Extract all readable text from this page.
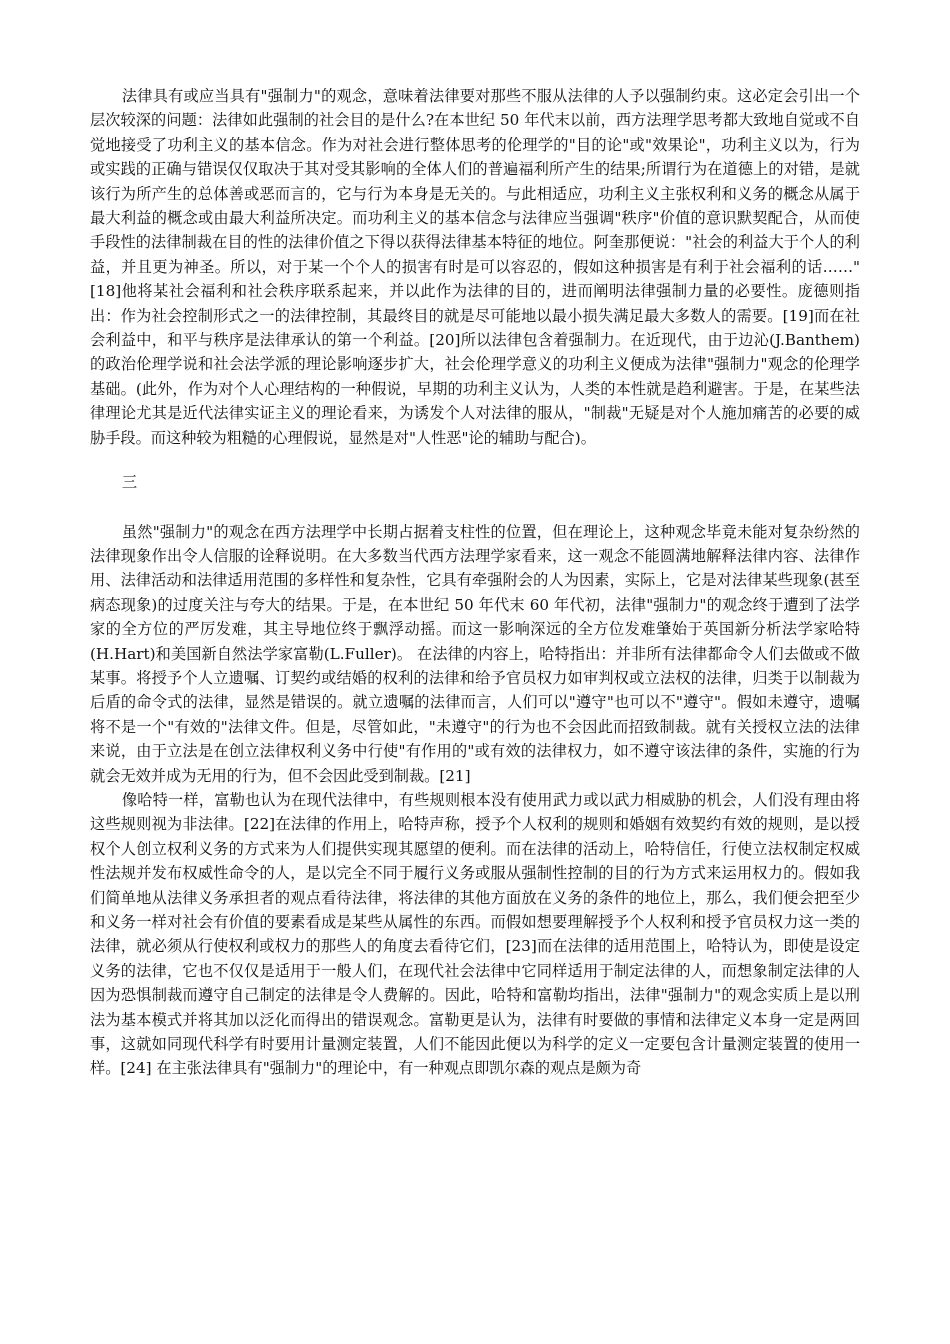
法律具有或应当具有"强制力"的观念，意味着法律要对那些不服从法律的人予以强制约束。这必定会引出一个层次较深的问题：法律如此强制的社会目的是什么?在本世纪 50 年代末以前，西方法理学思考都大致地自觉或不自觉地接受了功利主义的基本信念。作为对社会进行整体思考的伦理学的"目的论"或"效果论"，功利主义以为，行为或实践的正确与错误仅仅取决于其对受其影响的全体人们的普遍福利所产生的结果;所谓行为在道德上的对错，是就该行为所产生的总体善或恶而言的，它与行为本身是无关的。与此相适应，功利主义主张权利和义务的概念从属于最大利益的概念或由最大利益所决定。而功利主义的基本信念与法律应当强调"秩序"价值的意识默契配合，从而使手段性的法律制裁在目的性的法律价值之下得以获得法律基本特征的地位。阿奎那便说："社会的利益大于个人的利益，并且更为神圣。所以，对于某一个个人的损害有时是可以容忍的，假如这种损害是有利于社会福利的话……"[18]他将某社会福利和社会秩序联系起来，并以此作为法律的目的，进而阐明法律强制力量的必要性。庞德则指出：作为社会控制形式之一的法律控制，其最终目的就是尽可能地以最小损失满足最大多数人的需要。[19]而在社会利益中，和平与秩序是法律承认的第一个利益。[20]所以法律包含着强制力。在近现代，由于边沁(J.Banthem)的政治伦理学说和社会法学派的理论影响逐步扩大，社会伦理学意义的功利主义便成为法律"强制力"观念的伦理学基础。(此外，作为对个人心理结构的一种假说，早期的功利主义认为，人类的本性就是趋利避害。于是，在某些法律理论尤其是近代法律实证主义的理论看来，为诱发个人对法律的服从，"制裁"无疑是对个人施加痛苦的必要的威胁手段。而这种较为粗糙的心理假说，显然是对"人性恶"论的辅助与配合)。

三

虽然"强制力"的观念在西方法理学中长期占据着支柱性的位置，但在理论上，这种观念毕竟未能对复杂纷然的法律现象作出令人信服的诠释说明。在大多数当代西方法理学家看来，这一观念不能圆满地解释法律内容、法律作用、法律活动和法律适用范围的多样性和复杂性，它具有牵强附会的人为因素，实际上，它是对法律某些现象(甚至病态现象)的过度关注与夸大的结果。于是，在本世纪 50 年代末 60 年代初，法律"强制力"的观念终于遭到了法学家的全方位的严厉发难，其主导地位终于飘浮动摇。而这一影响深远的全方位发难肇始于英国新分析法学家哈特(H.Hart)和美国新自然法学家富勒(L.Fuller)。 在法律的内容上，哈特指出：并非所有法律都命令人们去做或不做某事。将授予个人立遗嘱、订契约或结婚的权利的法律和给予官员权力如审判权或立法权的法律，归类于以制裁为后盾的命令式的法律，显然是错误的。就立遗嘱的法律而言，人们可以"遵守"也可以不"遵守"。假如未遵守，遗嘱将不是一个"有效的"法律文件。但是，尽管如此，"未遵守"的行为也不会因此而招致制裁。就有关授权立法的法律来说，由于立法是在创立法律权利义务中行使"有作用的"或有效的法律权力，如不遵守该法律的条件，实施的行为就会无效并成为无用的行为，但不会因此受到制裁。[21]

像哈特一样，富勒也认为在现代法律中，有些规则根本没有使用武力或以武力相威胁的机会，人们没有理由将这些规则视为非法律。[22]在法律的作用上，哈特声称，授予个人权利的规则和婚姻有效契约有效的规则，是以授权个人创立权利义务的方式来为人们提供实现其愿望的便利。而在法律的活动上，哈特信任，行使立法权制定权威性法规并发布权威性命令的人，是以完全不同于履行义务或服从强制性控制的目的行为方式来运用权力的。假如我们简单地从法律义务承担者的观点看待法律，将法律的其他方面放在义务的条件的地位上，那么，我们便会把至少和义务一样对社会有价值的要素看成是某些从属性的东西。而假如想要理解授予个人权利和授予官员权力这一类的法律，就必须从行使权利或权力的那些人的角度去看待它们，[23]而在法律的适用范围上，哈特认为，即使是设定义务的法律，它也不仅仅是适用于一般人们，在现代社会法律中它同样适用于制定法律的人，而想象制定法律的人因为恐惧制裁而遵守自己制定的法律是令人费解的。因此，哈特和富勒均指出，法律"强制力"的观念实质上是以刑法为基本模式并将其加以泛化而得出的错误观念。富勒更是认为，法律有时要做的事情和法律定义本身一定是两回事，这就如同现代科学有时要用计量测定装置，人们不能因此便以为科学的定义一定要包含计量测定装置的使用一样。[24] 在主张法律具有"强制力"的理论中，有一种观点即凯尔森的观点是颇为奇
